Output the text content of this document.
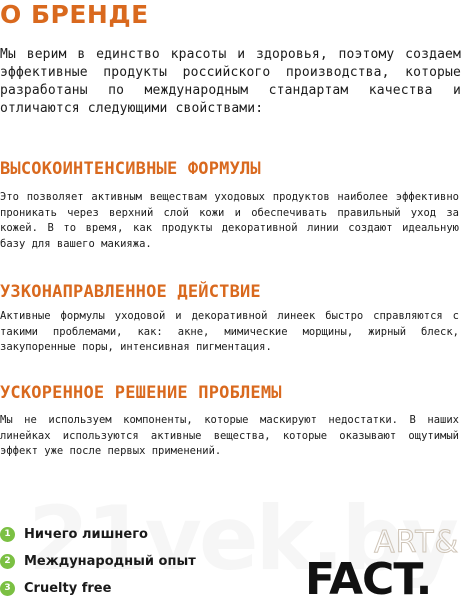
О БРЕНДЕ
Мы верим в единство красоты и здоровья, поэтому создаем эффективные продукты российского производства, которые разработаны по международным стандартам качества и отличаются следующими свойствами:
ВЫСОКОИНТЕНСИВНЫЕ ФОРМУЛЫ
Это позволяет активным веществам уходовых продуктов наиболее эффективно проникать через верхний слой кожи и обеспечивать правильный уход за кожей. В то время, как продукты декоративной линии создают идеальную базу для вашего макияжа.
УЗКОНАПРАВЛЕННОЕ ДЕЙСТВИЕ
Активные формулы уходовой и декоративной линеек быстро справляются с такими проблемами, как: акне, мимические морщины, жирный блеск, закупоренные поры, интенсивная пигментация.
УСКОРЕННОЕ РЕШЕНИЕ ПРОБЛЕМЫ
Мы не используем компоненты, которые маскируют недостатки. В наших линейках используются активные вещества, которые оказывают ощутимый эффект уже после первых применений.
1	Ничего лишнего
2	Международный опыт
3	Cruelty free
ART&
FACT.
